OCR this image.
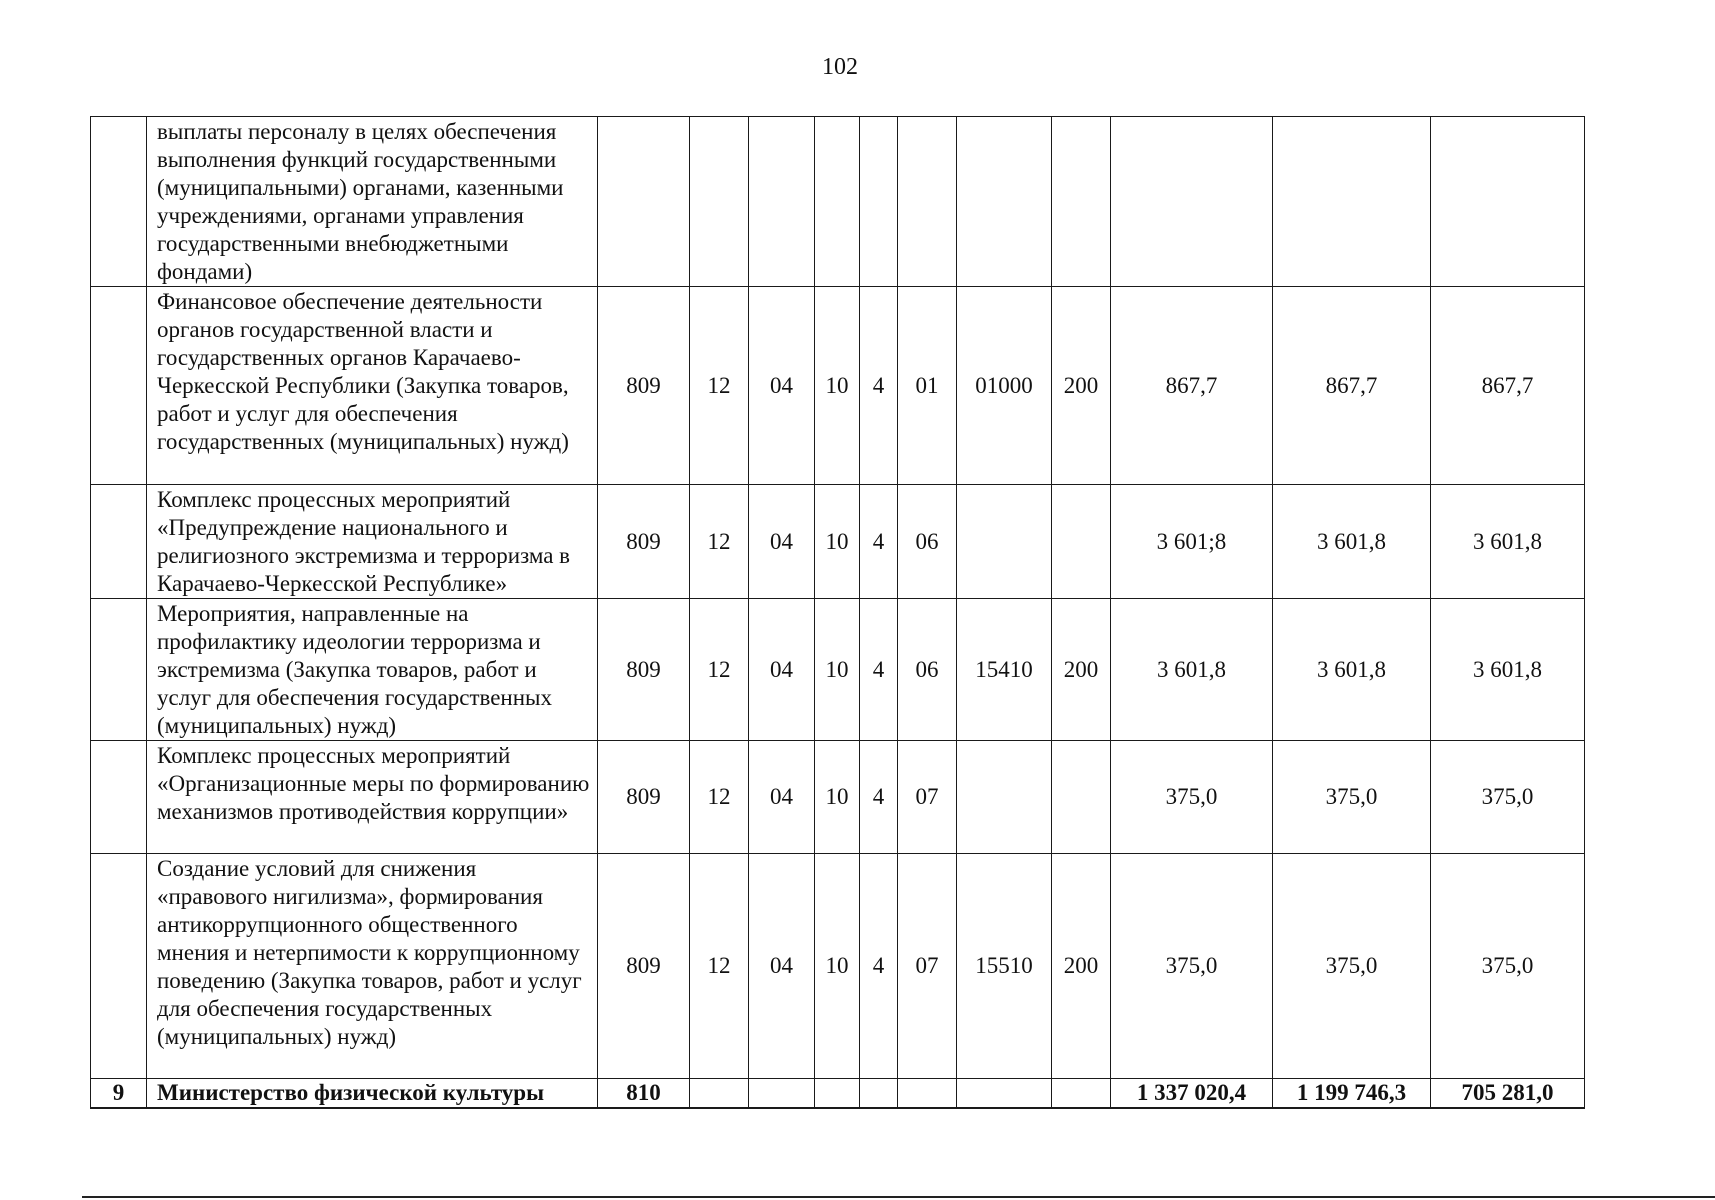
102
	выплаты персоналу в целях обеспечения выполнения функций государственными (муниципальными) органами, казенными учреждениями, органами управления государственными внебюджетными фондами)											
	Финансовое обеспечение деятельности органов государственной власти и государственных органов Карачаево-Черкесской Республики (Закупка товаров, работ и услуг для обеспечения государственных (муниципальных) нужд)	809	12	04	10	4	01	01000	200	867,7	867,7	867,7
	Комплекс процессных мероприятий «Предупреждение национального и религиозного экстремизма и терроризма в Карачаево-Черкесской Республике»	809	12	04	10	4	06			3 601;8	3 601,8	3 601,8
	Мероприятия, направленные на профилактику идеологии терроризма и экстремизма (Закупка товаров, работ и услуг для обеспечения государственных (муниципальных) нужд)	809	12	04	10	4	06	15410	200	3 601,8	3 601,8	3 601,8
	Комплекс процессных мероприятий «Организационные меры по формированию механизмов противодействия коррупции»	809	12	04	10	4	07			375,0	375,0	375,0
	Создание условий для снижения «правового нигилизма», формирования антикоррупционного общественного мнения и нетерпимости к коррупционному поведению (Закупка товаров, работ и услуг для обеспечения государственных (муниципальных) нужд)	809	12	04	10	4	07	15510	200	375,0	375,0	375,0
9	Министерство физической культуры	810								1 337 020,4	1 199 746,3	705 281,0
